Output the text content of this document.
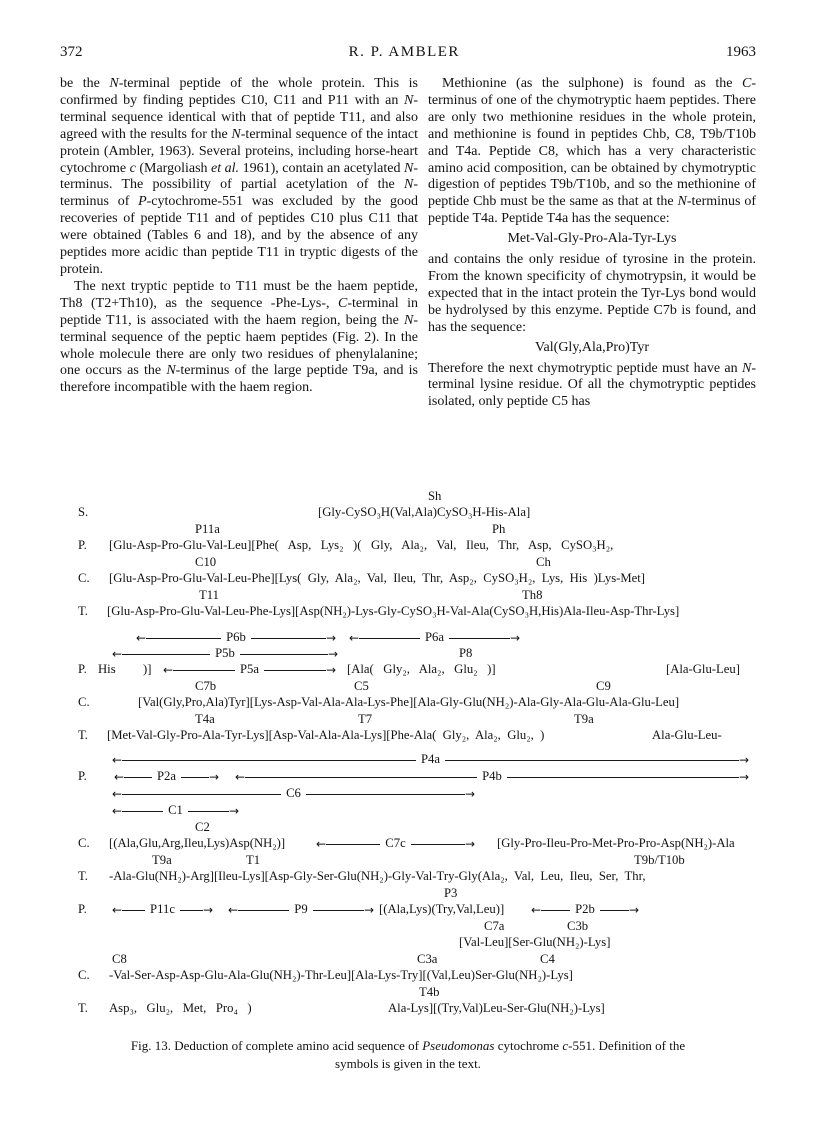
372	R. P. AMBLER	1963
be the N-terminal peptide of the whole protein. This is confirmed by finding peptides C10, C11 and P11 with an N-terminal sequence identical with that of peptide T11, and also agreed with the results for the N-terminal sequence of the intact protein (Ambler, 1963). Several proteins, including horse-heart cytochrome c (Margoliash et al. 1961), contain an acetylated N-terminus. The possibility of partial acetylation of the N-terminus of P-cytochrome-551 was excluded by the good recoveries of peptide T11 and of peptides C10 plus C11 that were obtained (Tables 6 and 18), and by the absence of any peptides more acidic than peptide T11 in tryptic digests of the protein.
The next tryptic peptide to T11 must be the haem peptide, Th8 (T2+Th10), as the sequence -Phe-Lys-, C-terminal in peptide T11, is associated with the haem region, being the N-terminal sequence of the peptic haem peptides (Fig. 2). In the whole molecule there are only two residues of phenylalanine; one occurs as the N-terminus of the large peptide T9a, and is therefore incompatible with the haem region.
Methionine (as the sulphone) is found as the C-terminus of one of the chymotryptic haem peptides. There are only two methionine residues in the whole protein, and methionine is found in peptides Chb, C8, T9b/T10b and T4a. Peptide C8, which has a very characteristic amino acid composition, can be obtained by chymotryptic digestion of peptides T9b/T10b, and so the methionine of peptide Chb must be the same as that at the N-terminus of peptide T4a. Peptide T4a has the sequence:
Met-Val-Gly-Pro-Ala-Tyr-Lys
and contains the only residue of tyrosine in the protein. From the known specificity of chymotrypsin, it would be expected that in the intact protein the Tyr-Lys bond would be hydrolysed by this enzyme. Peptide C7b is found, and has the sequence:
Val(Gly,Ala,Pro)Tyr
Therefore the next chymotryptic peptide must have an N-terminal lysine residue. Of all the chymotryptic peptides isolated, only peptide C5 has
Sh
S.	[Gly-CySO₃H(Val,Ala)CySO₃H-His-Ala]
P11a	Ph
P. [Glu-Asp-Pro-Glu-Val-Leu][Phe(   Asp,   Lys₂   )(   Gly,   Ala₂,   Val,   Ileu,   Thr,   Asp,   CySO₃H₂,
C10	Ch
C. [Glu-Asp-Pro-Glu-Val-Leu-Phe][Lys(  Gly,  Ala₂,  Val,  Ileu,  Thr,  Asp₂,  CySO₃H₂,  Lys,  His  )Lys-Met]
T11	Th8
T. [Glu-Asp-Pro-Glu-Val-Leu-Phe-Lys][Asp(NH₂)-Lys-Gly-CySO₃H-Val-Ala(CySO₃H,His)Ala-Ileu-Asp-Thr-Lys]
←	P6b	→ ←	P6a	→
←	P5b	→	P8
P. His )] ←	P5a	→ [Ala(   Gly₂,   Ala₂,   Glu₂   )]	[Ala-Glu-Leu]
C7b	C5	C9
C.	[Val(Gly,Pro,Ala)Tyr][Lys-Asp-Val-Ala-Ala-Lys-Phe][Ala-Gly-Glu(NH₂)-Ala-Gly-Ala-Glu-Ala-Glu-Leu]
T4a	T7	T9a
T. [Met-Val-Gly-Pro-Ala-Tyr-Lys][Asp-Val-Ala-Ala-Lys][Phe-Ala(  Gly₂,  Ala₂,  Glu₂,  )	Ala-Glu-Leu-
←	P4a	→
P. ←	P2a	→ ←	P4b	→
←	C6	→
←	C1	→
C2
C. [(Ala,Glu,Arg,Ileu,Lys)Asp(NH₂)]	←	C7c	→ [Gly-Pro-Ileu-Pro-Met-Pro-Pro-Asp(NH₂)-Ala
T9a	T1	T9b/T10b
T. -Ala-Glu(NH₂)-Arg][Ileu-Lys][Asp-Gly-Ser-Glu(NH₂)-Gly-Val-Try-Gly(Ala₂,  Val,  Leu,  Ileu,  Ser,  Thr,
P3
P. ←	P11c	→ ←	P9	→ [(Ala,Lys)(Try,Val,Leu)] ←	P2b	→
C7a	C3b
[Val-Leu][Ser-Glu(NH₂)-Lys]
C8	C3a	C4
C. -Val-Ser-Asp-Asp-Glu-Ala-Glu(NH₂)-Thr-Leu][Ala-Lys-Try][(Val,Leu)Ser-Glu(NH₂)-Lys]
T4b
T. Asp₃,   Glu₂,   Met,   Pro₄   )	Ala-Lys][(Try,Val)Leu-Ser-Glu(NH₂)-Lys]
Fig. 13. Deduction of complete amino acid sequence of Pseudomonas cytochrome c-551. Definition of the
symbols is given in the text.
